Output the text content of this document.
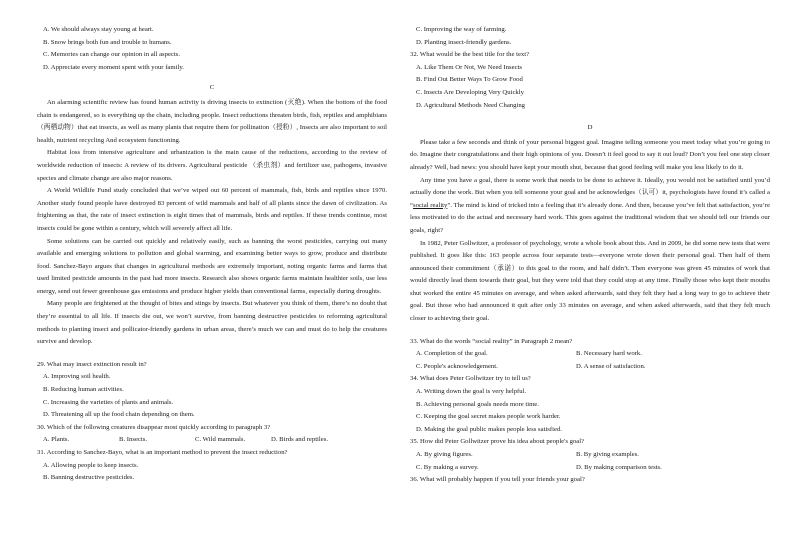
A. We should always stay young at heart.

B. Snow brings both fun and trouble to humans.

C. Memories can change our opinion in all aspects.

D. Appreciate every moment spent with your family.

C

An alarming scientific review has found human activity is driving insects to extinction (灭绝). When the bottom of the food chain is endangered, so is everything up the chain, including people. Insect reductions threaten birds, fish, reptiles and amphibians（两栖动物）that eat insects, as well as many plants that require them for pollination（授粉）, Insects are also important to soil health, nutrient recycling And ecosystem functioning.

Habitat loss from intensive agriculture and urbanization is the main cause of the reductions, according to the review of worldwide reduction of insects: A review of its drivers. Agricultural pesticide （杀虫剂）and fertilizer use, pathogens, invasive species and climate change are also major reasons.

A World Wildlife Fund study concluded that we’ve wiped out 60 percent of mammals, fish, birds and reptiles since 1970. Another study found people have destroyed 83 percent of wild mammals and half of all plants since the dawn of civilization. As frightening as that, the rate of insect extinction is eight times that of mammals, birds and reptiles. If these trends continue, most insects could be gone within a century, which will severely affect all life.

Some solutions can be carried out quickly and relatively easily, such as banning the worst pesticides, carrying out many available and emerging solutions to pollution and global warming, and examining better ways to grow, produce and distribute food. Sanchez-Bayo argues that changes in agricultural methods are extremely important, noting organic farms and farms that used limited pesticide amounts in the past had more insects. Research also shows organic farms maintain healthier soils, use less energy, send out fewer greenhouse gas emissions and produce higher yields than conventional farms, especially during droughts.

Many people are frightened at the thought of bites and stings by insects. But whatever you think of them, there’s no doubt that they’re essential to all life. If insects die out, we won’t survive, from banning destructive pesticides to reforming agricultural methods to planting insect and pollicator-friendly gardens in urban areas, there’s much we can and must do to help the creatures survive and develop.

29. What may insect extinction result in?

A. Improving soil health.

B. Reducing human activities.

C. Increasing the varieties of plants and animals.

D. Threatening all up the food chain depending on them.

30. Which of the following creatures disappear most quickly according to paragraph 3?

A. Plants.	B. Insects.	C. Wild mammals.	D. Birds and reptiles.

31. According to Sanchez-Bayo, what is an important method to prevent the insect reduction?

A. Allowing people to keep insects.

B. Banning destructive pesticides.

C. Improving the way of farming.

D. Planting insect-friendly gardens.

32. What would be the best title for the text?

A. Like Them Or Not, We Need Insects

B. Find Out Better Ways To Grow Food

C. Insects Are Developing Very Quickly

D. Agricultural Methods Need Changing

D

Please take a few seconds and think of your personal biggest goal. Imagine telling someone you meet today what you’re going to do. Imagine their congratulations and their high opinions of you. Doesn’t it feel good to say it out loud? Don’t you feel one step closer already? Well, bad news: you should have kept your mouth shut, because that good feeling will make you less likely to do it.

Any time you have a goal, there is some work that needs to be done to achieve it. Ideally, you would not be satisfied until you’d actually done the work. But when you tell someone your goal and he acknowledges（认可）it, psychologists have found it’s called a “social reality”. The mind is kind of tricked into a feeling that it’s already done. And then, because you’ve felt that satisfaction, you’re less motivated to do the actual and necessary hard work. This goes against the traditional wisdom that we should tell our friends our goals, right?

In 1982, Peter Gollwitzer, a professor of psychology, wrote a whole book about this. And in 2009, he did some new tests that were published. It goes like this: 163 people across four separate tests—everyone wrote down their personal goal. Then half of them announced their commitment（承诺）to this goal to the room, and half didn’t. Then everyone was given 45 minutes of work that would directly lead them towards their goal, but they were told that they could stop at any time. Finally those who kept their mouths shut worked the entire 45 minutes on average, and when asked afterwards, said they felt they had a long way to go to achieve their goal. But those who had announced it quit after only 33 minutes on average, and when asked afterwards, said that they felt much closer to achieving their goal.

33. What do the words “social reality” in Paragraph 2 mean?

A. Completion of the goal.	B. Necessary hard work.
C. People's acknowledgement.	D. A sense of satisfaction.

34. What does Peter Gollwitzer try to tell us?

A. Writing down the goal is very helpful.

B. Achieving personal goals needs more time.

C. Keeping the goal secret makes people work harder.

D. Making the goal public makes people less satisfied.

35. How did Peter Gollwitzer prove his idea about people's goal?

A. By giving figures.	B. By giving examples.
C. By making a survey.	D. By making comparison tests.

36. What will probably happen if you tell your friends your goal?
